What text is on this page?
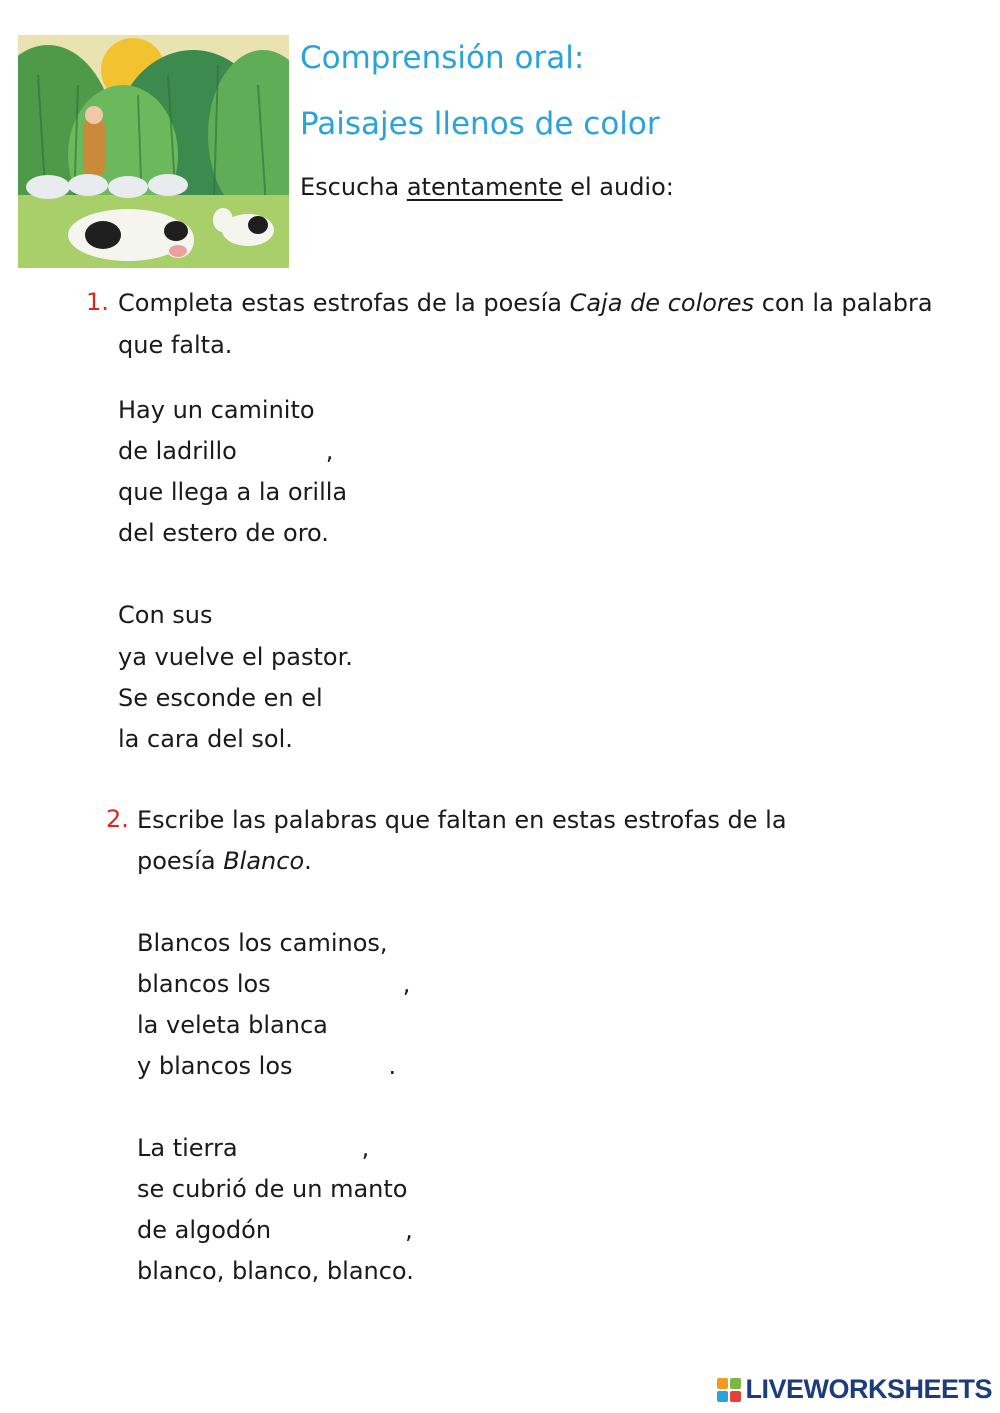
Comprensión oral:
Paisajes llenos de color
Escucha atentamente el audio:
1. Completa estas estrofas de la poesía Caja de colores con la palabra
que falta.
Hay un caminito
de ladrillo	,
que llega a la orilla
del estero de oro.
Con sus
ya vuelve el pastor.
Se esconde en el
la cara del sol.
2. Escribe las palabras que faltan en estas estrofas de la
poesía Blanco.
Blancos los caminos,
blancos los	,
la veleta blanca
y blancos los	.
La tierra	,
se cubrió de un manto
de algodón	,
blanco, blanco, blanco.
LIVEWORKSHEETS
